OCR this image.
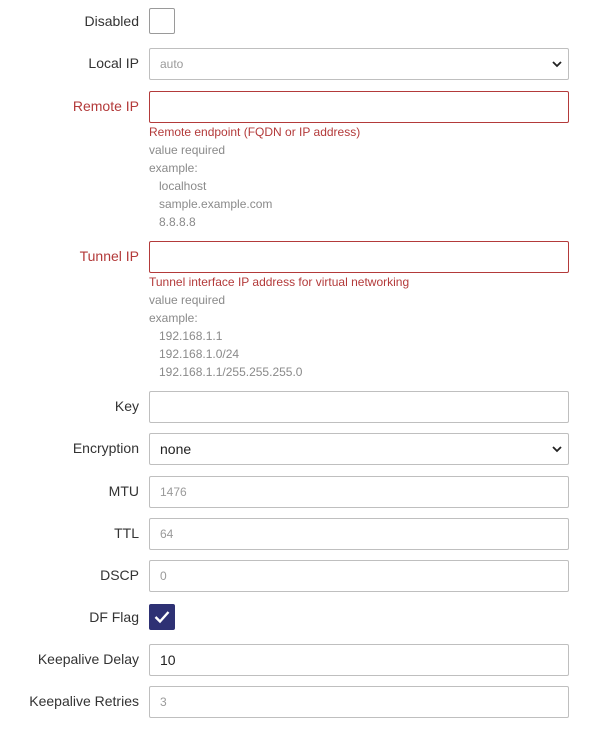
Disabled
Local IP auto
Remote IP
Remote endpoint (FQDN or IP address)
value required
example:
localhost
sample.example.com
8.8.8.8
Tunnel IP
Tunnel interface IP address for virtual networking
value required
example:
192.168.1.1
192.168.1.0/24
192.168.1.1/255.255.255.0
Key
Encryption none
MTU 1476
TTL 64
DSCP 0
DF Flag
Keepalive Delay 10
Keepalive Retries 3
